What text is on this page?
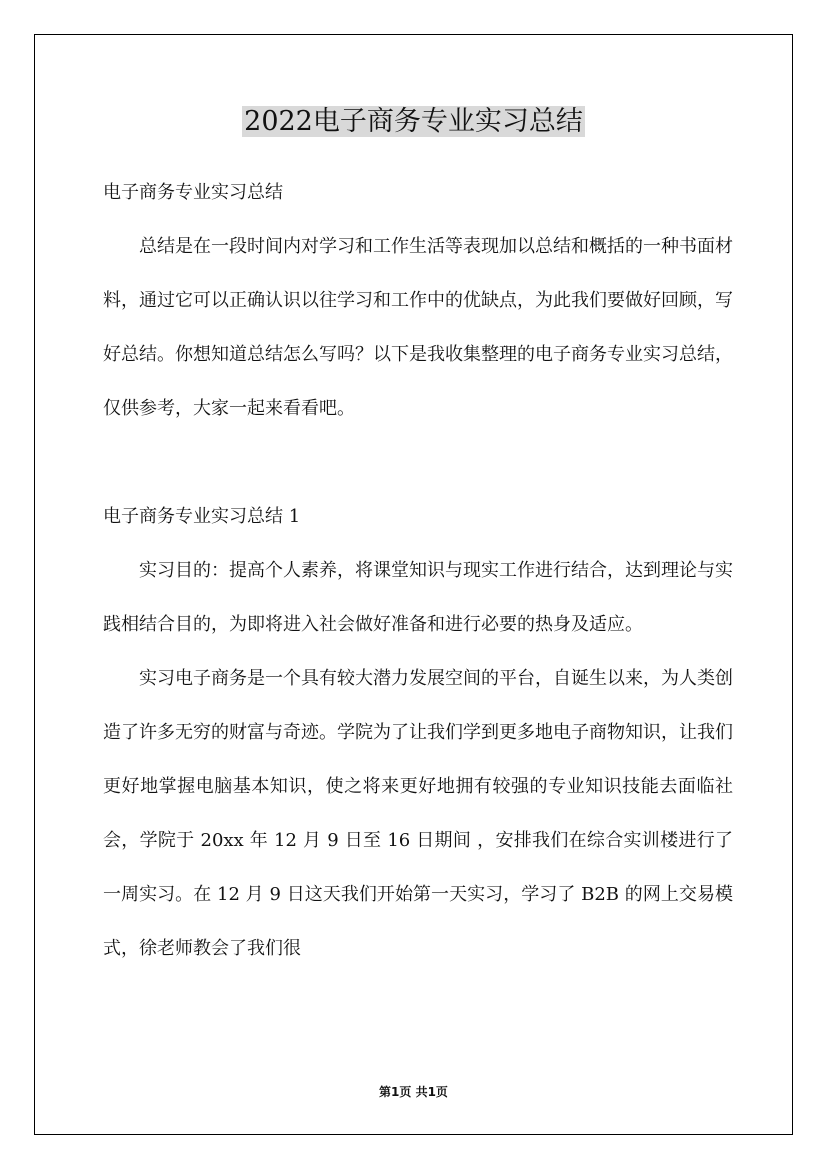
2022电子商务专业实习总结

电子商务专业实习总结

总结是在一段时间内对学习和工作生活等表现加以总结和概括的一种书面材料，通过它可以正确认识以往学习和工作中的优缺点，为此我们要做好回顾，写好总结。你想知道总结怎么写吗？以下是我收集整理的电子商务专业实习总结，仅供参考，大家一起来看看吧。

电子商务专业实习总结 1

实习目的：提高个人素养，将课堂知识与现实工作进行结合，达到理论与实践相结合目的，为即将进入社会做好准备和进行必要的热身及适应。

实习电子商务是一个具有较大潜力发展空间的平台，自诞生以来，为人类创造了许多无穷的财富与奇迹。学院为了让我们学到更多地电子商物知识，让我们更好地掌握电脑基本知识，使之将来更好地拥有较强的专业知识技能去面临社会，学院于 20xx 年 12 月 9 日至 16 日期间 ，安排我们在综合实训楼进行了一周实习。在 12 月 9 日这天我们开始第一天实习，学习了 B2B 的网上交易模式，徐老师教会了我们很

第1页 共1页
